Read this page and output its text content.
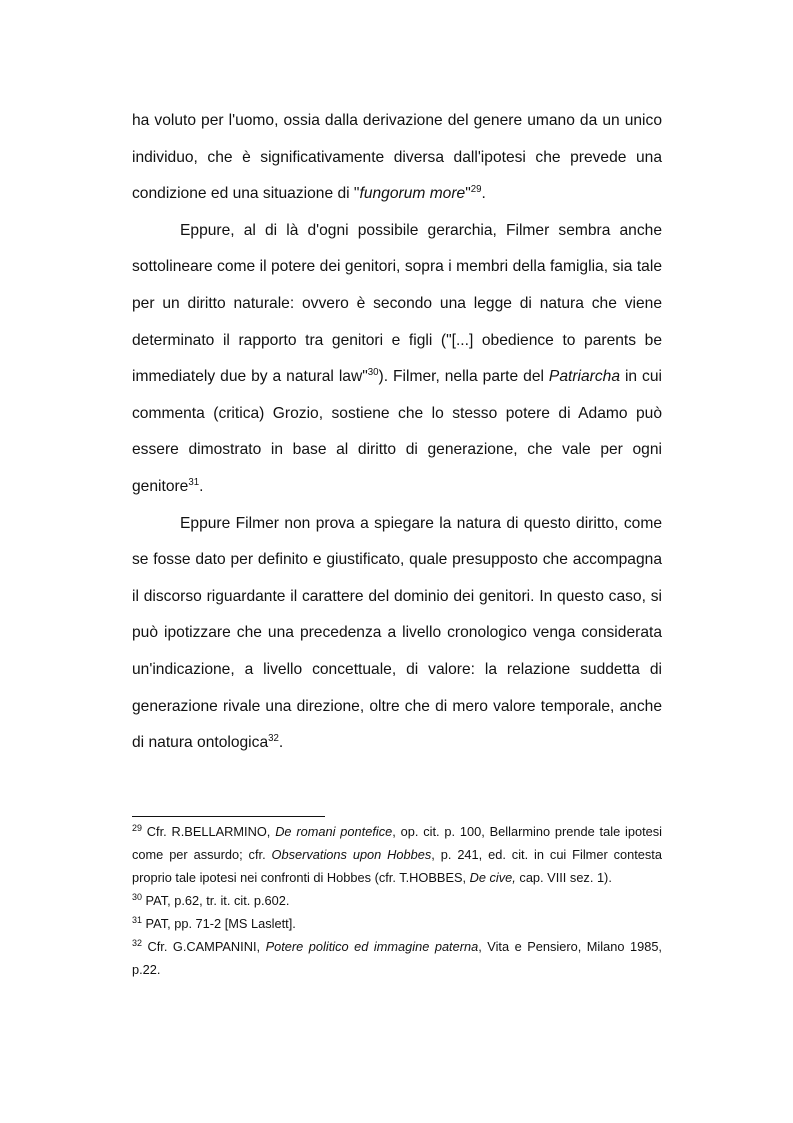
ha voluto per l'uomo, ossia dalla derivazione del genere umano da un unico individuo, che è significativamente diversa dall'ipotesi che prevede una condizione ed una situazione di "fungorum more"$^{29}$.

Eppure, al di là d'ogni possibile gerarchia, Filmer sembra anche sottolineare come il potere dei genitori, sopra i membri della famiglia, sia tale per un diritto naturale: ovvero è secondo una legge di natura che viene determinato il rapporto tra genitori e figli ("[...] obedience to parents be immediately due by a natural law"$^{30}$). Filmer, nella parte del Patriarcha in cui commenta (critica) Grozio, sostiene che lo stesso potere di Adamo può essere dimostrato in base al diritto di generazione, che vale per ogni genitore$^{31}$.

Eppure Filmer non prova a spiegare la natura di questo diritto, come se fosse dato per definito e giustificato, quale presupposto che accompagna il discorso riguardante il carattere del dominio dei genitori. In questo caso, si può ipotizzare che una precedenza a livello cronologico venga considerata un'indicazione, a livello concettuale, di valore: la relazione suddetta di generazione rivale una direzione, oltre che di mero valore temporale, anche di natura ontologica$^{32}$.

$^{29}$ Cfr. R.BELLARMINO, De romani pontefice, op. cit. p. 100, Bellarmino prende tale ipotesi come per assurdo; cfr. Observations upon Hobbes, p. 241, ed. cit. in cui Filmer contesta proprio tale ipotesi nei confronti di Hobbes (cfr. T.HOBBES, De cive, cap. VIII sez. 1).

$^{30}$ PAT, p.62, tr. it. cit. p.602.

$^{31}$ PAT, pp. 71-2 [MS Laslett].

$^{32}$ Cfr. G.CAMPANINI, Potere politico ed immagine paterna, Vita e Pensiero, Milano 1985, p.22.
